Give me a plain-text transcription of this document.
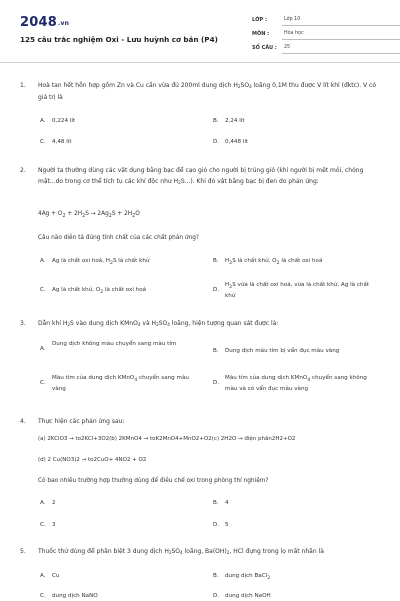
2048.vn
125 câu trắc nghiệm Oxi - Lưu huỳnh cơ bản (P4)
LỚP :	Lớp 10
MÔN :	Hóa học
SỐ CÂU :	25
1. Hoà tan hết hỗn hợp gồm Zn và Cu cần vừa đủ 200ml dung dịch $H_2SO_4$ loãng 0,1M thu được V lít khí (đktc). V có giá trị là
A. 0,224 lít	B. 2,24 lít
C. 4,48 lít	D. 0,448 lít
2. Người ta thường dùng các vật dụng bằng bạc để cạo gió cho người bị trúng gió (khi người bị mệt mỏi, chóng mặt...do trong cơ thể tích tụ các khí độc như $H_2S$...). Khi đó vật bằng bạc bị đen do phản ứng:
$4Ag + O_2 + 2H_2S \to 2Ag_2S + 2H_2O$
Câu nào diễn tả đúng tính chất của các chất phản ứng?
A. Ag là chất oxi hoá, $H_2S$ là chất khử	B. $H_2S$ là chất khử, $O_2$ là chất oxi hoá
C. Ag là chất khử, $O_2$ là chất oxi hoá	D.
$H_2S$ vừa là chất oxi hoá, vừa là chất khử, Ag là chất khử
3. Dẫn khí $H_2S$ vào dung dịch KMnO$_4$ và $H_2SO_4$ loãng, hiện tượng quan sát được là:
A.
Dung dịch không màu chuyển sang màu tím
B. Dung dịch màu tím bị vẩn đục màu vàng
C.
Màu tím của dung dịch KMnO$_4$ chuyển sang màu vàng
D.
Màu tím của dung dịch KMnO$_4$ chuyển sang không màu và có vẩn đục màu vàng
4. Thực hiện các phản ứng sau:
(a) 2KClO3 → to2KCl+3O2(b) 2KMnO4 → toK2MnO4+MnO2+O2(c) 2H2O → điện phân2H2+O2
(d) 2 Cu(NO3)2 → to2CuO+ 4NO2 + O2
Có bao nhiêu trường hợp thường dùng để điều chế oxi trong phòng thí nghiệm?
A. 2	B. 4
C. 3	D. 5
5. Thuốc thử dùng để phân biệt 3 dung dịch $H_2SO_4$ loãng, $Ba(OH)_2$, HCl đựng trong lọ mất nhãn là
A. Cu	B. dung dịch BaCl$_2$
C. dung dịch NaNO	D. dung dịch NaOH
